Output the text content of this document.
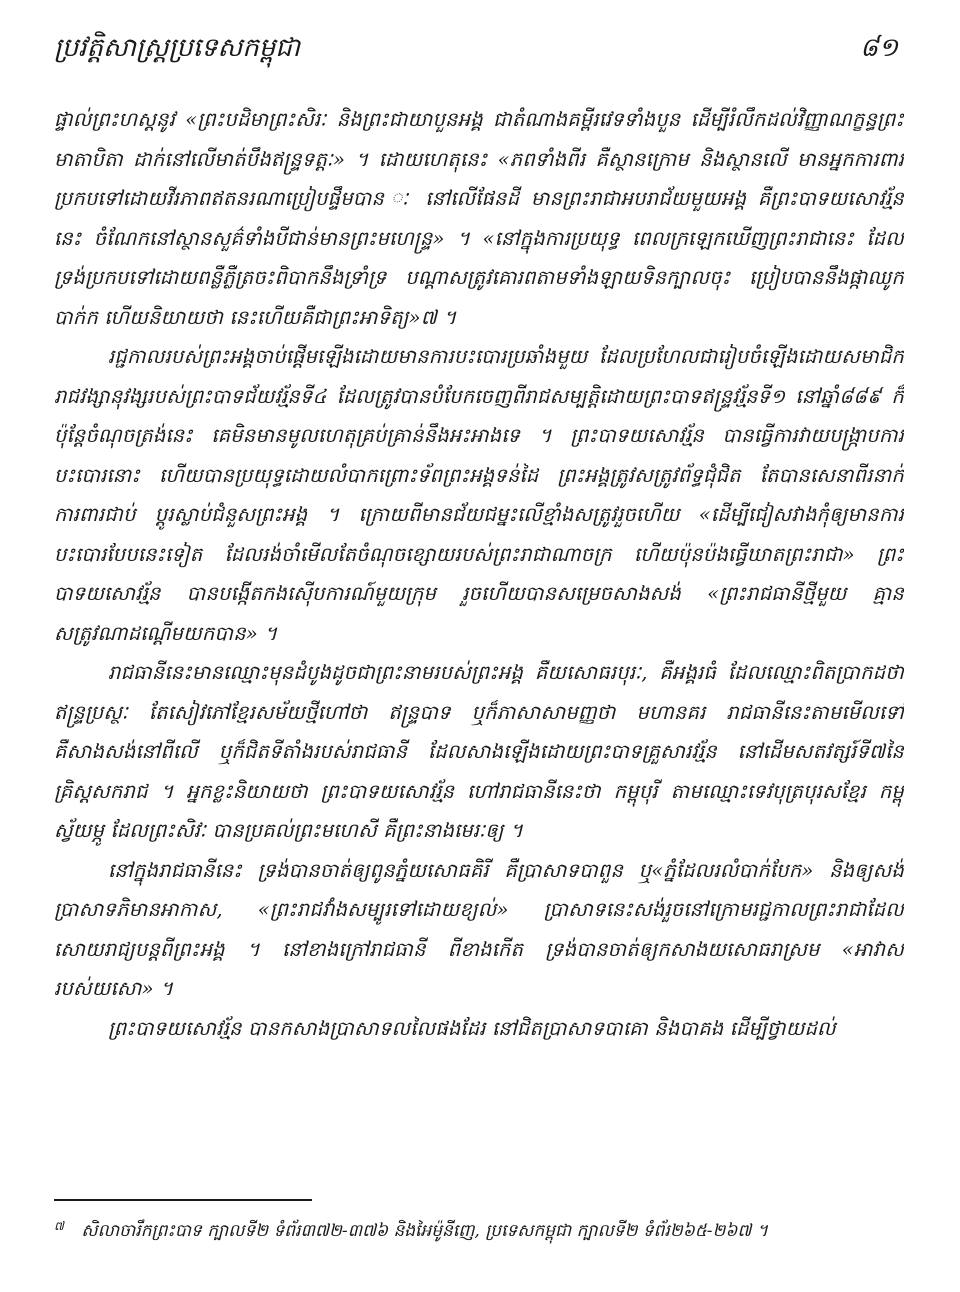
ប្រវត្តិសាស្ត្រប្រទេសកម្ពុជា	៨១

ផ្ទាល់ព្រះហស្តនូវ «ព្រះបដិមាព្រះសិរៈ និងព្រះជាយាបួនអង្គ ជាតំណាងគម្ពីរវេទទាំងបួន ដើម្បីរំលឹកដល់វិញ្ញាណក្ខន្ធព្រះមាតាបិតា ដាក់នៅលើមាត់បឹងឥន្ទ្រទត្តៈ» ។ ដោយហេតុនេះ «ភពទាំងពីរ គឺស្ថានក្រោម និងស្ថានលើ មានអ្នកការពារប្រកបទៅដោយវីរភាពឥតនរណាប្រៀបផ្ទឹមបាន ៈ នៅលើផែនដី មានព្រះរាជាអបរាជ័យមួយអង្គ គឺព្រះបាទយសោវរ្ម័ននេះ ចំណែកនៅស្ថានសួគ៌ទាំងបីជាន់មានព្រះមហេន្ទ្រ» ។ «នៅក្នុងការប្រយុទ្ធ ពេលក្រឡេកឃើញព្រះរាជានេះ ដែលទ្រង់ប្រកបទៅដោយពន្លឺភ្លឺត្រចះពិបាកនឹងទ្រាំទ្រ បណ្តាសត្រូវគោរពតាមទាំងឡាយទិនក្បាលចុះ ប្រៀបបាននឹងផ្កាឈូកបាក់ក ហើយនិយាយថា នេះហើយគឺជាព្រះអាទិត្យ»៧ ។

រជ្ជកាលរបស់ព្រះអង្គចាប់ផ្តើមឡើងដោយមានការបះបោរប្រឆាំងមួយ ដែលប្រហែលជារៀបចំឡើងដោយសមាជិករាជវង្សានុវង្សរបស់ព្រះបាទជ័យវរ្ម័នទី៤ ដែលត្រូវបានបំបែកចេញពីរាជសម្បត្តិដោយព្រះបាទឥន្ទ្រវរ្ម័នទី១ នៅឆ្នាំ៨៨៩ ក៏ប៉ុន្តែចំណុចត្រង់នេះ គេមិនមានមូលហេតុគ្រប់គ្រាន់នឹងអះអាងទេ ។ ព្រះបាទយសោវរ្ម័ន បានធ្វើការវាយបង្ក្រាបការបះបោរនោះ ហើយបានប្រយុទ្ធដោយលំបាកព្រោះទ័ពព្រះអង្គទន់ដៃ ព្រះអង្គត្រូវសត្រូវព័ទ្ធជុំជិត តែបានសេនាពីរនាក់ការពារជាប់ ប្តូរស្លាប់ជំនួសព្រះអង្គ ។ ក្រោយពីមានជ័យជម្នះលើខ្មាំងសត្រូវរួចហើយ «ដើម្បីជៀសវាងកុំឲ្យមានការបះបោរបែបនេះទៀត ដែលរង់ចាំមើលតែចំណុចខ្សោយរបស់ព្រះរាជាណាចក្រ ហើយប៉ុនប៉ងធ្វើឃាតព្រះរាជា» ព្រះបាទយសោវរ្ម័ន បានបង្កើតកងស៊ើបការណ៍មួយក្រុម រួចហើយបានសម្រេចសាងសង់ «ព្រះរាជធានីថ្មីមួយ គ្មានសត្រូវណាដណ្តើមយកបាន» ។

រាជធានីនេះមានឈ្មោះមុនដំបូងដូចជាព្រះនាមរបស់ព្រះអង្គ គឺយសោធរបុរៈ, គឺអង្គរធំ ដែលឈ្មោះពិតប្រាកដថា ឥន្ទ្រប្រស្ថៈ តែសៀវភៅខ្មែរសម័យថ្មីហៅថា ឥន្ទ្របាទ ឬក៏ភាសាសាមញ្ញថា មហានគរ រាជធានីនេះតាមមើលទៅ គឺសាងសង់នៅពីលើ ឬក៏ជិតទីតាំងរបស់រាជធានី ដែលសាងឡើងដោយព្រះបាទគ្រួសារវរ្ម័ន នៅដើមសតវត្សរ៍ទី៧នៃគ្រិស្តសករាជ ។ អ្នកខ្លះនិយាយថា ព្រះបាទយសោវរ្ម័ន ហៅរាជធានីនេះថា កម្ពុបុរី តាមឈ្មោះទេវបុត្របុរសខ្មែរ កម្ពុស្វ័យម្ភូ ដែលព្រះសិវៈ បានប្រគល់ព្រះមហេសី គឺព្រះនាងមេរៈឲ្យ ។

នៅក្នុងរាជធានីនេះ ទ្រង់បានចាត់ឲ្យពូនភ្នំយសោធគិរី គឺប្រាសាទបាពួន ឬ«ភ្នំដែលរលំបាក់បែក» និងឲ្យសង់ប្រាសាទភិមានអាកាស, «ព្រះរាជវាំងសម្បូរទៅដោយខ្យល់» ប្រាសាទនេះសង់រួចនៅក្រោមរជ្ជកាលព្រះរាជាដែលសោយរាជ្យបន្តពីព្រះអង្គ ។ នៅខាងក្រៅរាជធានី ពីខាងកើត ទ្រង់បានចាត់ឲ្យកសាងយសោធរាស្រម «អាវាសរបស់យសោ» ។

ព្រះបាទយសោវរ្ម័ន បានកសាងប្រាសាទលលៃផងដែរ នៅជិតប្រាសាទបាគោ និងបាគង ដើម្បីថ្វាយដល់

៧ សិលាចារឹកព្រះបាទ ក្បាលទី២ ទំព័រ៣៧២-៣៧៦ និងអៃម៉ូនីញេ, ប្រទេសកម្ពុជា ក្បាលទី២ ទំព័រ២៦៥-២៦៧ ។
